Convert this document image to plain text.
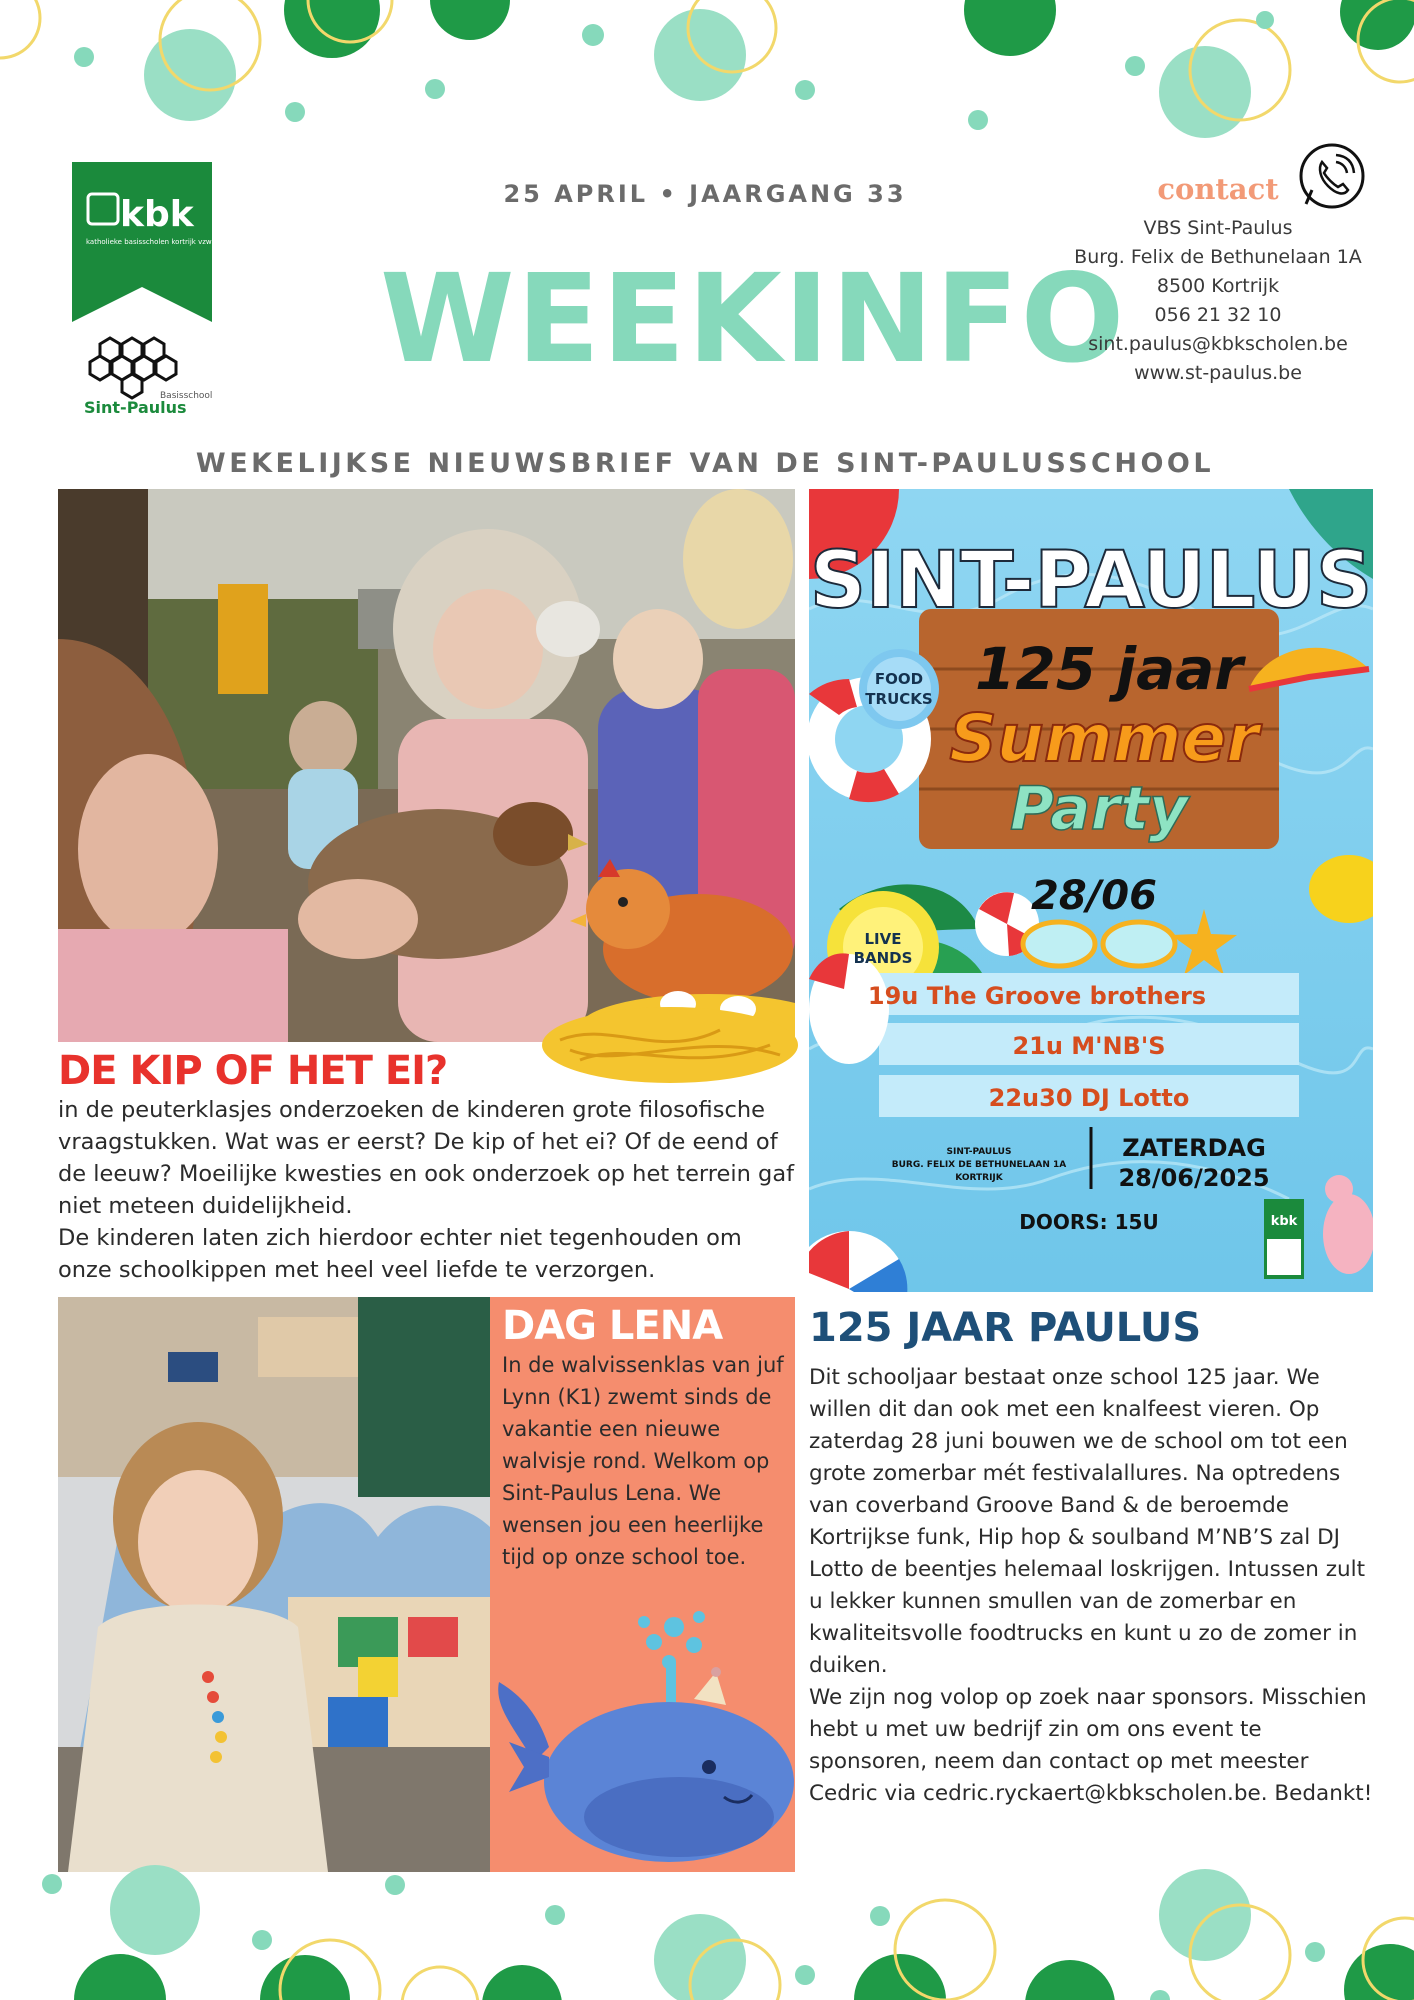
kbk
katholieke basisscholen kortrijk vzw
Basisschool
Sint-Paulus
25 APRIL • JAARGANG 33
WEEKINFO
contact
VBS Sint-Paulus
Burg. Felix de Bethunelaan 1A
8500 Kortrijk
056 21 32 10
sint.paulus@kbkscholen.be
www.st-paulus.be
WEKELIJKSE NIEUWSBRIEF VAN DE SINT-PAULUSSCHOOL
SINT-PAULUS
FOOD
TRUCKS 125 jaar
Summer
Party
28/06
LIVE
BANDS
19u The Groove brothers
21u M'NB'S
22u30 DJ Lotto
SINT-PAULUS
BURG. FELIX DE BETHUNELAAN 1A
KORTRIJK
ZATERDAG
28/06/2025
DOORS: 15U	kbk
DE KIP OF HET EI?

in de peuterklasjes onderzoeken de kinderen grote filosofische vraagstukken. Wat was er eerst? De kip of het ei? Of de eend of de leeuw? Moeilijke kwesties en ook onderzoek op het terrein gaf niet meteen duidelijkheid.

De kinderen laten zich hierdoor echter niet tegenhouden om onze schoolkippen met heel veel liefde te verzorgen.

DAG LENA
In de walvissenklas van juf Lynn (K1) zwemt sinds de vakantie een nieuwe walvisje rond. Welkom op Sint-Paulus Lena. We wensen jou een heerlijke tijd op onze school toe.
125 JAAR PAULUS

Dit schooljaar bestaat onze school 125 jaar. We willen dit dan ook met een knalfeest vieren. Op zaterdag 28 juni bouwen we de school om tot een grote zomerbar mét festivalallures. Na optredens van coverband Groove Band & de beroemde Kortrijkse funk, Hip hop & soulband M’NB’S zal DJ Lotto de beentjes helemaal loskrijgen. Intussen zult u lekker kunnen smullen van de zomerbar en kwaliteitsvolle foodtrucks en kunt u zo de zomer in duiken.

We zijn nog volop op zoek naar sponsors. Misschien hebt u met uw bedrijf zin om ons event te sponsoren, neem dan contact op met meester Cedric via cedric.ryckaert@kbkscholen.be. Bedankt!
